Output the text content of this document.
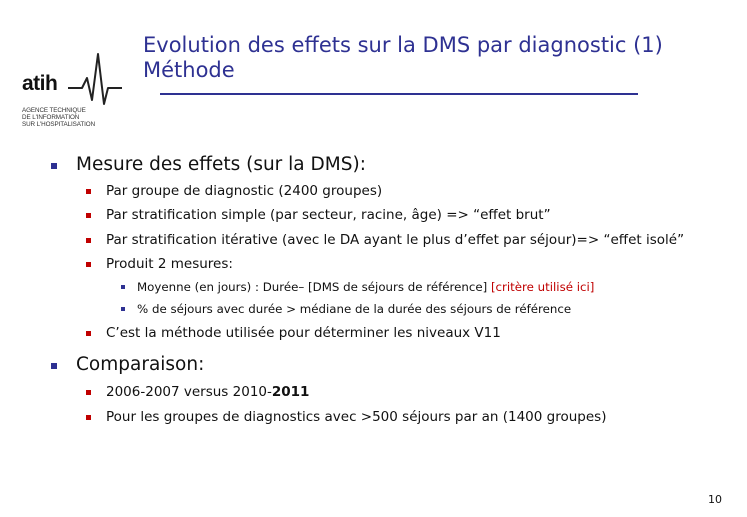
atih
AGENCE TECHNIQUE
DE L'INFORMATION
SUR L'HOSPITALISATION
Evolution des effets sur la DMS par diagnostic (1)
Méthode
Mesure des effets (sur la DMS):
Par groupe de diagnostic (2400 groupes)
Par stratification simple (par secteur, racine, âge) => “effet brut”
Par stratification itérative (avec le DA ayant le plus d’effet par séjour)=> “effet isolé”
Produit 2 mesures:
Moyenne (en jours) : Durée– [DMS de séjours de référence] [critère utilisé ici]
% de séjours avec durée > médiane de la durée des séjours de référence
C’est la méthode utilisée pour déterminer les niveaux V11
Comparaison:
2006-2007 versus 2010-2011
Pour les groupes de diagnostics avec >500 séjours par an (1400 groupes)
10
